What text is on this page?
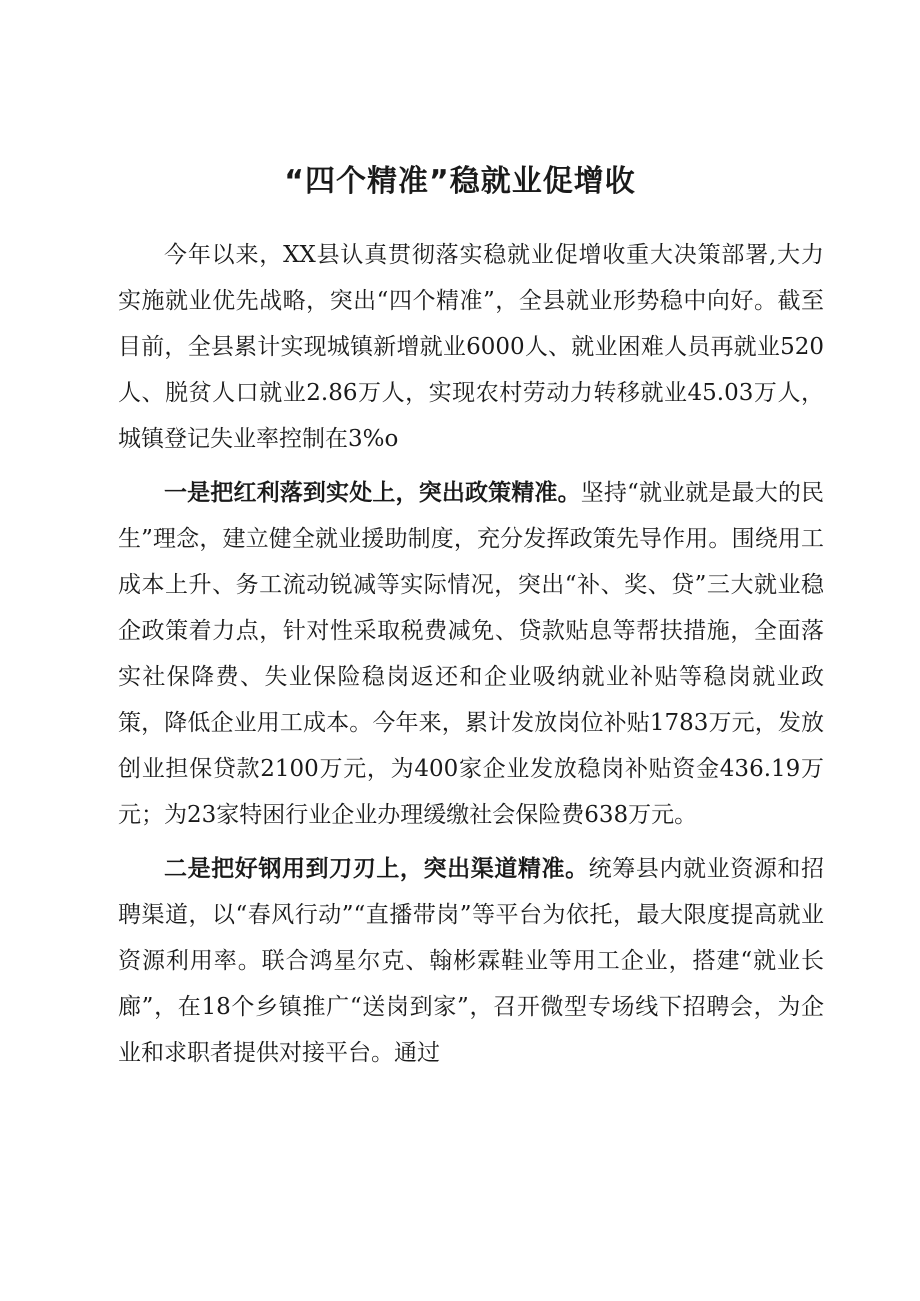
“四个精准”稳就业促增收

今年以来，XX县认真贯彻落实稳就业促增收重大决策部署,大力实施就业优先战略，突出“四个精准”，全县就业形势稳中向好。截至目前，全县累计实现城镇新增就业6000人、就业困难人员再就业520人、脱贫人口就业2.86万人，实现农村劳动力转移就业45.03万人，城镇登记失业率控制在3%o

一是把红利落到实处上，突出政策精准。坚持“就业就是最大的民生”理念，建立健全就业援助制度，充分发挥政策先导作用。围绕用工成本上升、务工流动锐减等实际情况，突出“补、奖、贷”三大就业稳企政策着力点，针对性采取税费减免、贷款贴息等帮扶措施，全面落实社保降费、失业保险稳岗返还和企业吸纳就业补贴等稳岗就业政策，降低企业用工成本。今年来，累计发放岗位补贴1783万元，发放创业担保贷款2100万元，为400家企业发放稳岗补贴资金436.19万元；为23家特困行业企业办理缓缴社会保险费638万元。

二是把好钢用到刀刃上，突出渠道精准。统筹县内就业资源和招聘渠道，以“春风行动”“直播带岗”等平台为依托，最大限度提高就业资源利用率。联合鸿星尔克、翰彬霖鞋业等用工企业，搭建“就业长廊”，在18个乡镇推广“送岗到家”，召开微型专场线下招聘会，为企业和求职者提供对接平台。通过
